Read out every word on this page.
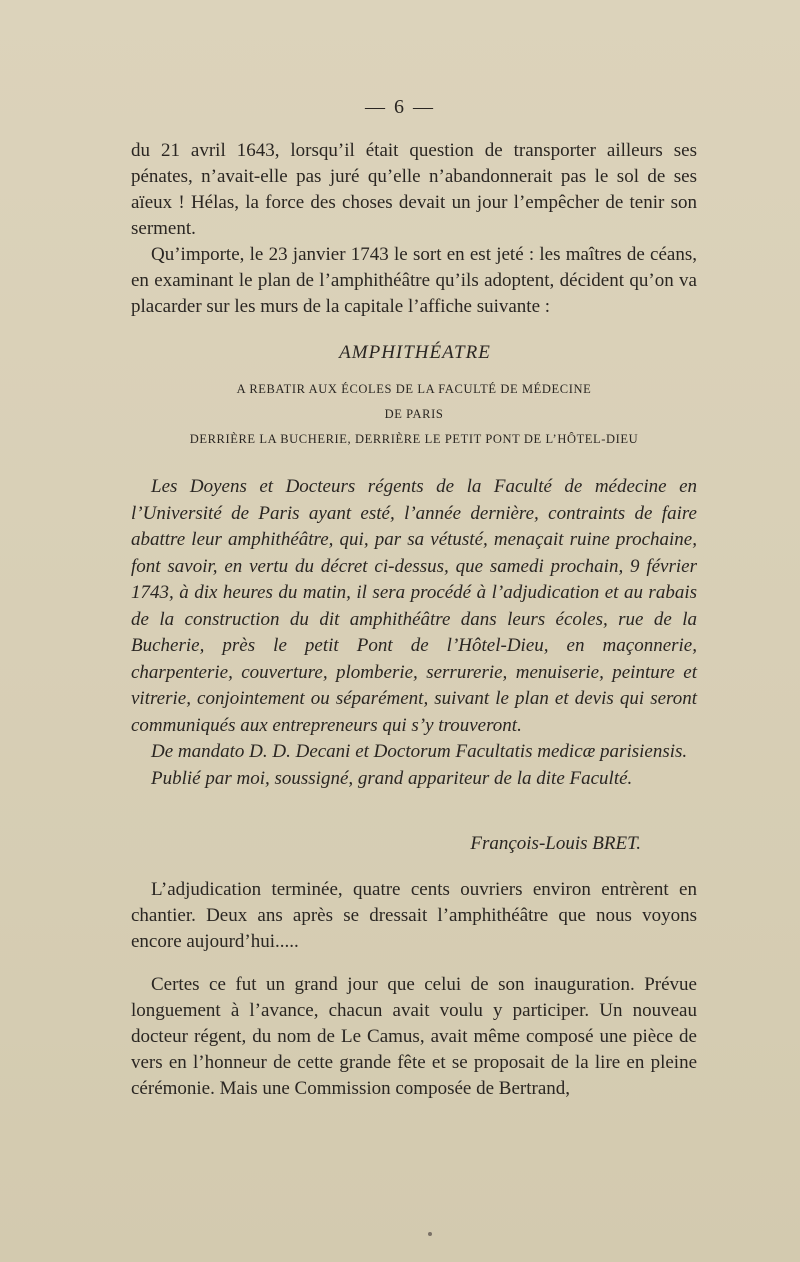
— 6 —

du 21 avril 1643, lorsqu’il était question de transporter ailleurs ses pénates, n’avait-elle pas juré qu’elle n’abandonnerait pas le sol de ses aïeux ! Hélas, la force des choses devait un jour l’empêcher de tenir son serment.

Qu’importe, le 23 janvier 1743 le sort en est jeté : les maîtres de céans, en examinant le plan de l’amphithéâtre qu’ils adoptent, décident qu’on va placarder sur les murs de la capitale l’affiche suivante :

AMPHITHÉATRE
A REBATIR AUX ÉCOLES DE LA FACULTÉ DE MÉDECINE
DE PARIS
DERRIÈRE LA BUCHERIE, DERRIÈRE LE PETIT PONT DE L’HÔTEL-DIEU

Les Doyens et Docteurs régents de la Faculté de médecine en l’Université de Paris ayant esté, l’année dernière, contraints de faire abattre leur amphithéâtre, qui, par sa vétusté, menaçait ruine prochaine, font savoir, en vertu du décret ci-dessus, que samedi prochain, 9 février 1743, à dix heures du matin, il sera procédé à l’adjudication et au rabais de la construction du dit amphithéâtre dans leurs écoles, rue de la Bucherie, près le petit Pont de l’Hôtel-Dieu, en maçonnerie, charpenterie, couverture, plomberie, serrurerie, menuiserie, peinture et vitrerie, conjointement ou séparément, suivant le plan et devis qui seront communiqués aux entrepreneurs qui s’y trouveront.

De mandato D. D. Decani et Doctorum Facultatis medicæ parisiensis.

Publié par moi, soussigné, grand appariteur de la dite Faculté.

François-Louis BRET.

L’adjudication terminée, quatre cents ouvriers environ entrèrent en chantier. Deux ans après se dressait l’amphithéâtre que nous voyons encore aujourd’hui.....

Certes ce fut un grand jour que celui de son inauguration. Prévue longuement à l’avance, chacun avait voulu y participer. Un nouveau docteur régent, du nom de Le Camus, avait même composé une pièce de vers en l’honneur de cette grande fête et se proposait de la lire en pleine cérémonie. Mais une Commission composée de Bertrand,
